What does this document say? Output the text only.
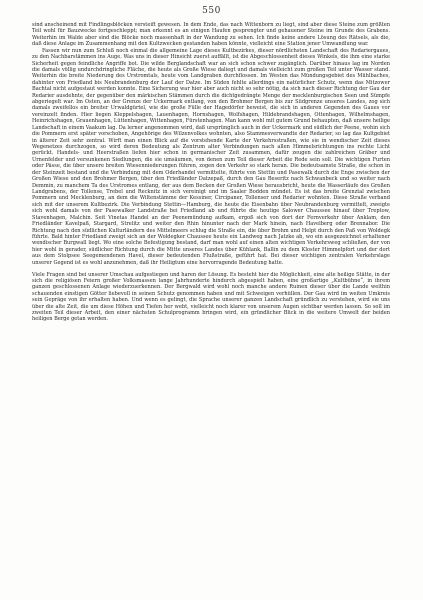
550

sind anscheinend mit Findlingsblöcken versteift gewesen. In dem Ende, das nach Wittenborn zu liegt, sind aber diese Steine zum größten Teil wohl für Bauzwecke fortgeschleppt; man erkennt es an einigen Haufen gesprengter und gehauener Steine im Grunde des Grabens. Weiterhin im Walde aber sind die Blöcke noch massenhaft in der Wandung zu sehen. Ich finde keine andere Lösung des Rätsels, als die, daß diese Anlage im Zusammenhang mit den Kultzwecken gestanden haben könnte, vielleicht eine Station jener Umwandlung war.

Fassen wir nun zum Schluß noch einmal die allgemeine Lage dieses Kultbezirkes, dieser nördlichsten Landschaft des Redariergaues, zu den Nachbarstämmen ins Auge. Was uns in dieser Hinsicht zuerst auffällt, ist die Abgeschlossenheit dieses Winkels, die ihm eine starke Sicherheit gegen feindliche Angriffe bot. Die wilde Berglandschaft war an sich schon schwer zugänglich. Darüber hinaus lag im Norden die damals völlig undurchdringliche Fläche, die heute als Große Wiese daliegt und damals vielleicht zum großen Teil unter Wasser stand. Weiterhin die breite Niederung des Urstromtals, heute vom Landgraben durchflossen. Im Westen das Mündungsgebiet des Mühlbaches, dahinter von Friedland bis Neubrandenburg der Lauf der Datze. Im Süden fehlte allerdings ein natürlicher Schutz, wenn das Mitzower Bachtal nicht aufgestaut werden konnte. Eine Sicherung war hier aber auch nicht so sehr nötig, da sich nach dieser Richtung der Gau der Redarier ausdehnte, der gegenüber den märkischen Stämmen durch die dichtgedrängte Menge der mecklenburgischen Seen und Sümpfe abgeriegelt war. Im Osten, an der Grenze der Uckermark entlang, von den Brohmer Bergen bis zur Südgrenze unseres Landes, zog sich damals zweifellos ein breiter Urwaldgürtel, wie die große Fülle der Hagedörfer beweist, die sich in anderen Gegenden des Gaues vor vereinzelt finden. Hier liegen Kleppelshagen, Lauenhagen, Hornshagen, Wolfshagen, Hildebrandshagen, Ottenhagen, Wilhelmshagen, Heinrichshagen, Grauenhagen, Lüttenhagen, Wittenhagen, Fürstenhagen. Man kann wohl mit gutem Grund behaupten, daß unsere heilige Landschaft in einem Vaakum lag. Da lerner angenommen wird, daß ursprünglich auch in der Uckermark und südlich der Peene, wohin sich die Pommern erst später vorschoben, Angehörige des Wilzenvolkes wohnten, also Stammesverwandte der Redarier, so lag das Kultgebiet in älterer Zeit sehr zentral. Wirft man einen Blick auf die vorstehende Karte der Verkehrsstraßen, wie sie in wendischer Zeit dieses Wegenetzes durchzogen, so wird deren Bedeutung als Zentrum alter Verbindungen nach allen Himmelsrichtungen ins rechte Licht gerückt. Handels- und Heerstraßen liefen hier schon in germanischer Zeit zusammen, dafür zeugen die zahlreichen Gräber und Urnenfelder und versunkenen Siedlungen, die sie umsäumen, von denen zum Teil dieser Arbeit die Rede sein soll. Die wichtigen Furten oder Pässe, die über unsere breiten Wiesenniederungen führen, zogen den Verkehr so stark heran. Die bedeutsamste Straße, die schon in der Steinzeit bestand und die Verbindung mit dem Oderhandel vermittelte, führte von Stettin und Pasewalk durch die Enge zwischen der Großen Wiese und den Brohmer Bergen, über den Friedländer Datzepaß, durch den Gau Beseritz nach Schwanbeck und so weiter nach Demmin, zu manchem Ta des Urstromes entlang, der aus dem Becken der Großen Wiese herausbricht, heute die Wasserläufe des Großen Landgrabens, der Tollense, Trebel und Recknitz in sich vereinigt und im Saaler Bodden mündet. Es ist das breite Grenztal zwischen Pommern und Mecklenburg, an dem die Wiltenstämme der Kessiner, Circipaner, Tollenser und Redarier wohnten. Diese Straße verband sich mit der unserem Kultbezirk. Die Verbindung Stettin—Hamburg, die heute die Eisenbahn über Neubrandenburg vermittelt, zweigte sich wohl damals von der Pasewalker Landstraße bei Friedland ab und führte die heutige Salower Chaussee hinauf über Treptow, Stavenhagen, Malchin. Seit Vinetas Handel an der Peenemündung aufkam, ergoß sich von dort der Fernverkehr über Anklam, den Friedländer Kavelpaß, Stargard, Strelitz und weiter den Rhin hinunter nach der Mark hinein, nach Havelberg oder Brennabor. Die Richtung nach den südlichen Kulturländern des Mittelmeers schlug die Straße ein, die über Brohm und Helpt durch den Paß von Woldegk führte. Bald hinter Friedland zweigt sich an der Woldegker Chaussee heute ein Landweg nach Jatzke ab, wo ein ausgezeichnet erhaltener wendischer Burgwall liegt. Wo eine solche Befestigung bestand, darf man wohl auf einen alten wichtigen Verkehrsweg schließen, der von hier wohl in gerader, südlicher Richtung durch die Mitte unseres Landes über Kühlank, Ballin zu dem Kloster Himmelpfort und der dort aus dem Stolpsee Seegemendenen Havel, dieser bedeutenden Flußstraße, geführt hat. Bei dieser wichtigen zentralen Verkehrslage unserer Gegend ist es wohl anzunehmen, daß ihr Heiligtum eine hervorragende Bedeutung hatte.

Viele Fragen sind bei unserer Umschau aufgestiegen und haren der Lösung. Es besteht hier die Möglichkeit, eine alte heilige Stätte, in der sich die religiösen Feiern großer Volksmassen lange Jahrhunderte hindurch abgespielt haben, eine großartige „Kultbühne“, in ihrem ganzen geschlossenen Anlage wiederzuerkennen. Der Bergwald wird wohl noch manche andere Ruinen dieser über die Lande weithin schauenden einstigen Götter liebevoll in seinen Schutz genommen haben und mit Schweigen verhüllen. Der Gau wird im weiten Umkreis sein Gepräge von ihr erhalten haben. Und wenn es gelingt, die Sprache unserer ganzen Landschaft gründlich zu verstehen, wird sie uns über die alte Zeit, die um diese Höhen und Tiefen her webt, vielleicht noch klarer von unserem Augen sichtbar werden lassen. So soll im zweiten Teil dieser Arbeit, den einer nächsten Schulprogramm bringen wird, ein gründlicher Blick in die weitere Umwelt der beiden heiligen Berge getan werden.
